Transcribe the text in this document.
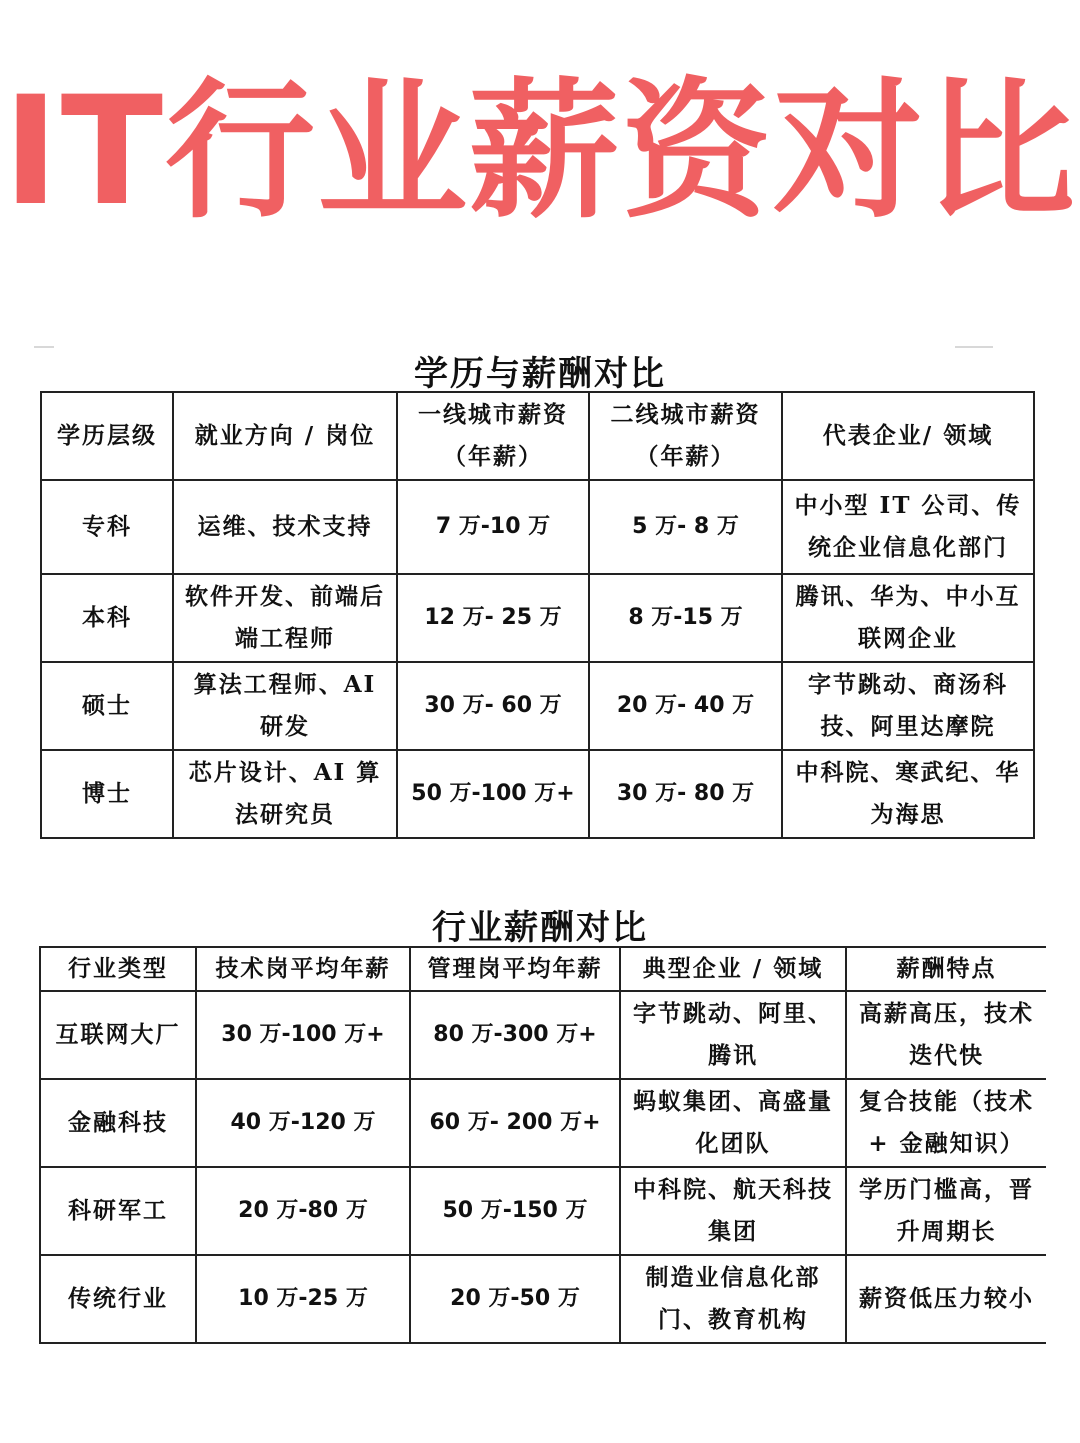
IT行业薪资对比
学历与薪酬对比
学历层级	就业方向 / 岗位	一线城市薪资（年薪）	二线城市薪资（年薪）	代表企业/ 领域
专科	运维、技术支持	7 万-10 万	5 万- 8 万	中小型 IT 公司、传统企业信息化部门
本科	软件开发、前端后端工程师	12 万- 25 万	8 万-15 万	腾讯、华为、中小互联网企业
硕士	算法工程师、AI 研发	30 万- 60 万	20 万- 40 万	字节跳动、商汤科技、阿里达摩院
博士	芯片设计、AI 算法研究员	50 万-100 万+	30 万- 80 万	中科院、寒武纪、华为海思
行业薪酬对比
行业类型	技术岗平均年薪	管理岗平均年薪	典型企业 / 领域	薪酬特点
互联网大厂	30 万-100 万+	80 万-300 万+	字节跳动、阿里、腾讯	高薪高压，技术迭代快
金融科技	40 万-120 万	60 万- 200 万+	蚂蚁集团、高盛量化团队	复合技能（技术 + 金融知识）
科研军工	20 万-80 万	50 万-150 万	中科院、航天科技集团	学历门槛高，晋升周期长
传统行业	10 万-25 万	20 万-50 万	制造业信息化部门、教育机构	薪资低压力较小
